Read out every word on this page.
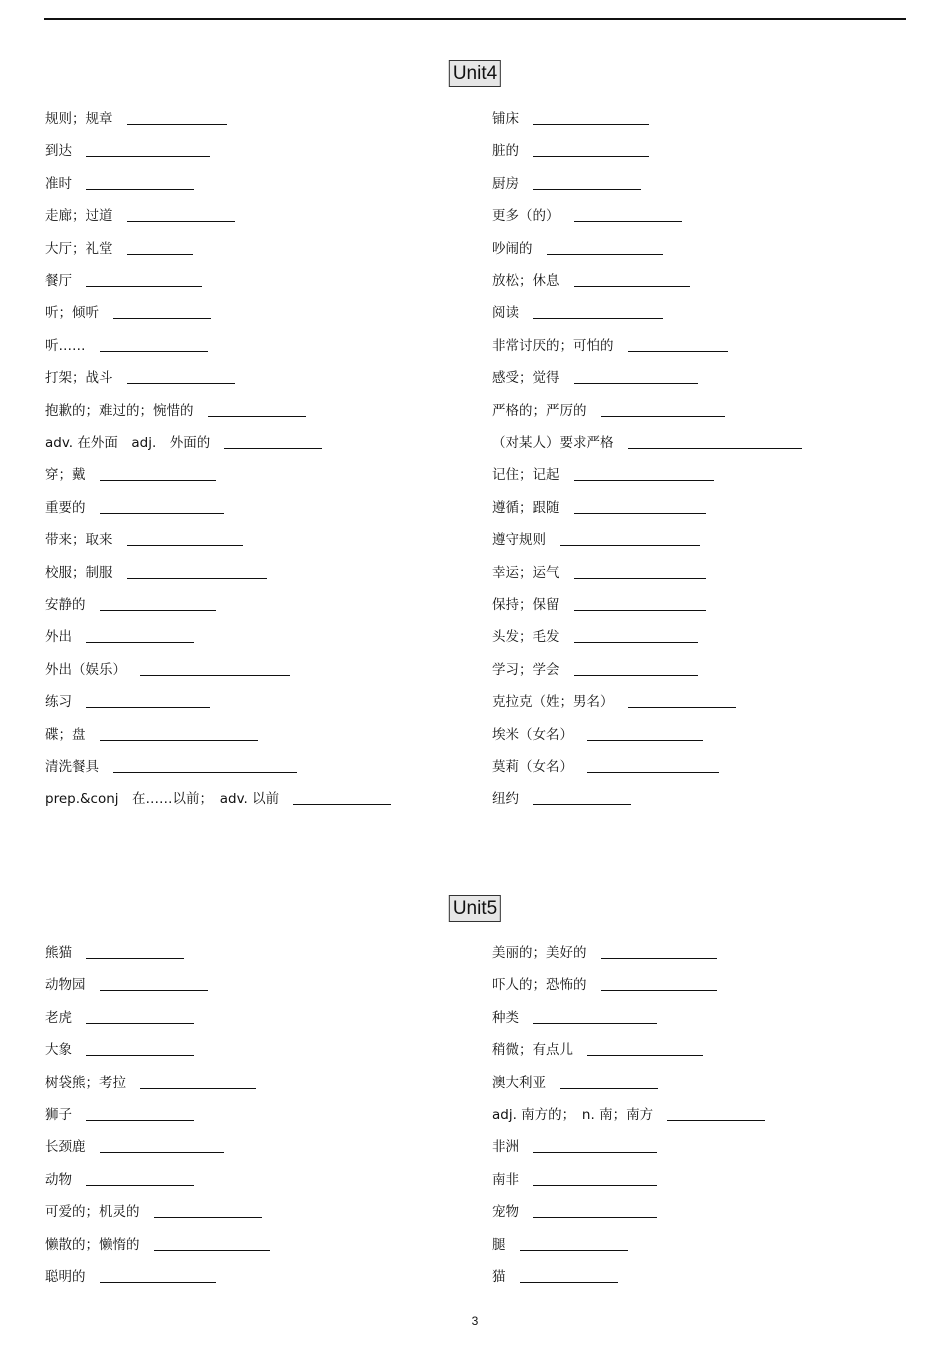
Unit4
Unit5
规则；规章
到达
准时
走廊；过道
大厅；礼堂
餐厅
听；倾听
听……
打架；战斗
抱歉的；难过的；惋惜的
adv. 在外面　adj.　外面的
穿；戴
重要的
带来；取来
校服；制服
安静的
外出
外出（娱乐）
练习
碟；盘
清洗餐具
prep.&conj　在……以前；　adv. 以前
铺床
脏的
厨房
更多（的）
吵闹的
放松；休息
阅读
非常讨厌的；可怕的
感受；觉得
严格的；严厉的
（对某人）要求严格
记住；记起
遵循；跟随
遵守规则
幸运；运气
保持；保留
头发；毛发
学习；学会
克拉克（姓；男名）
埃米（女名）
莫莉（女名）
纽约
熊猫
动物园
老虎
大象
树袋熊；考拉
狮子
长颈鹿
动物
可爱的；机灵的
懒散的；懒惰的
聪明的
美丽的；美好的
吓人的；恐怖的
种类
稍微；有点儿
澳大利亚
adj. 南方的；　n. 南；南方
非洲
南非
宠物
腿
猫
3
